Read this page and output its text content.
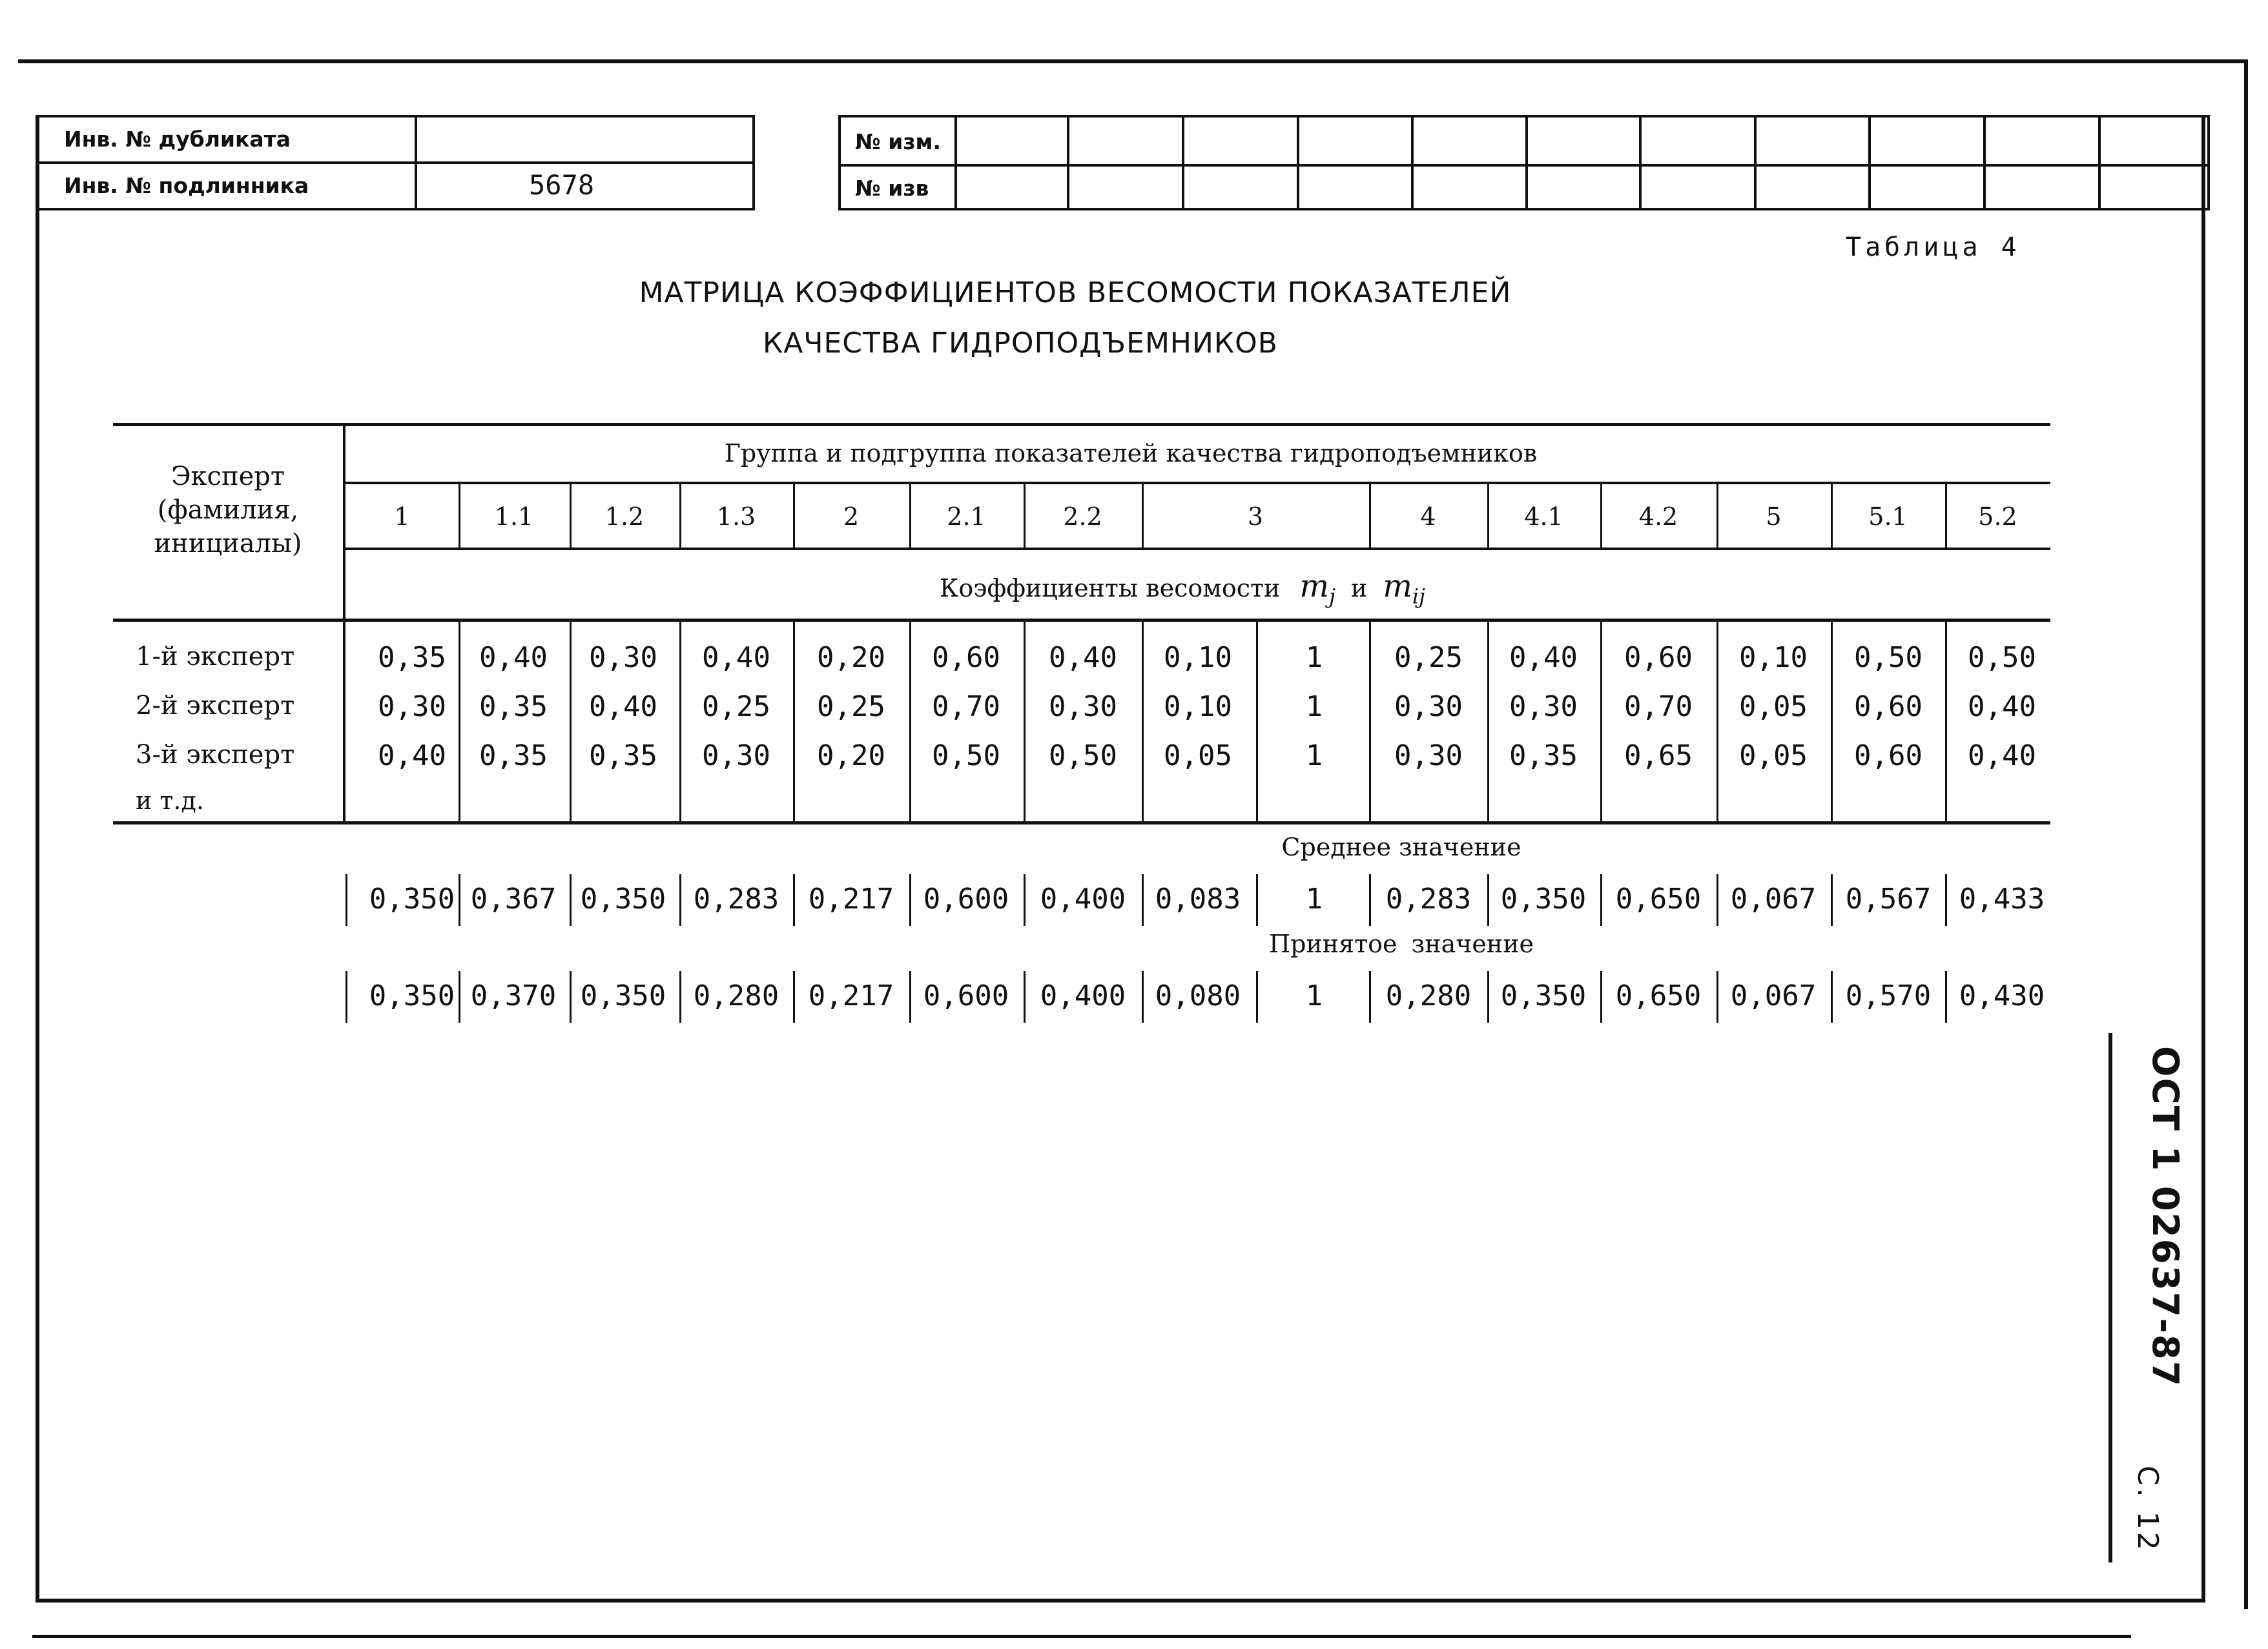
Инв. № дубликата
Инв. № подлинника	5678
№ изм.
№ изв
Таблица 4
МАТРИЦА КОЭФФИЦИЕНТОВ ВЕСОМОСТИ ПОКАЗАТЕЛЕЙ
КАЧЕСТВА ГИДРОПОДЪЕМНИКОВ
Эксперт
(фамилия,
инициалы)
Группа и подгруппа показателей качества гидроподъемников
1	1.1	1.2	1.3	2	2.1	2.2	3	4	4.1	4.2	5	5.1	5.2
Коэффициенты весомости $m_j$ и $m_{ij}$
1-й эксперт	0,35	0,40	0,30	0,40	0,20	0,60	0,40	0,10	1	0,25	0,40	0,60	0,10	0,50	0,50
2-й эксперт	0,30	0,35	0,40	0,25	0,25	0,70	0,30	0,10	1	0,30	0,30	0,70	0,05	0,60	0,40
3-й эксперт	0,40	0,35	0,35	0,30	0,20	0,50	0,50	0,05	1	0,30	0,35	0,65	0,05	0,60	0,40
и т.д.
Среднее значение
0,350 0,367 0,350 0,283	0,217	0,600	0,400	0,083	1	0,283	0,350	0,650	0,067	0,567 0,433
Принятое значение
0,350 0,370 0,350 0,280	0,217	0,600	0,400	0,080	1	0,280	0,350	0,650	0,067	0,570 0,430
ОСТ 1 02637-87
С. 12
